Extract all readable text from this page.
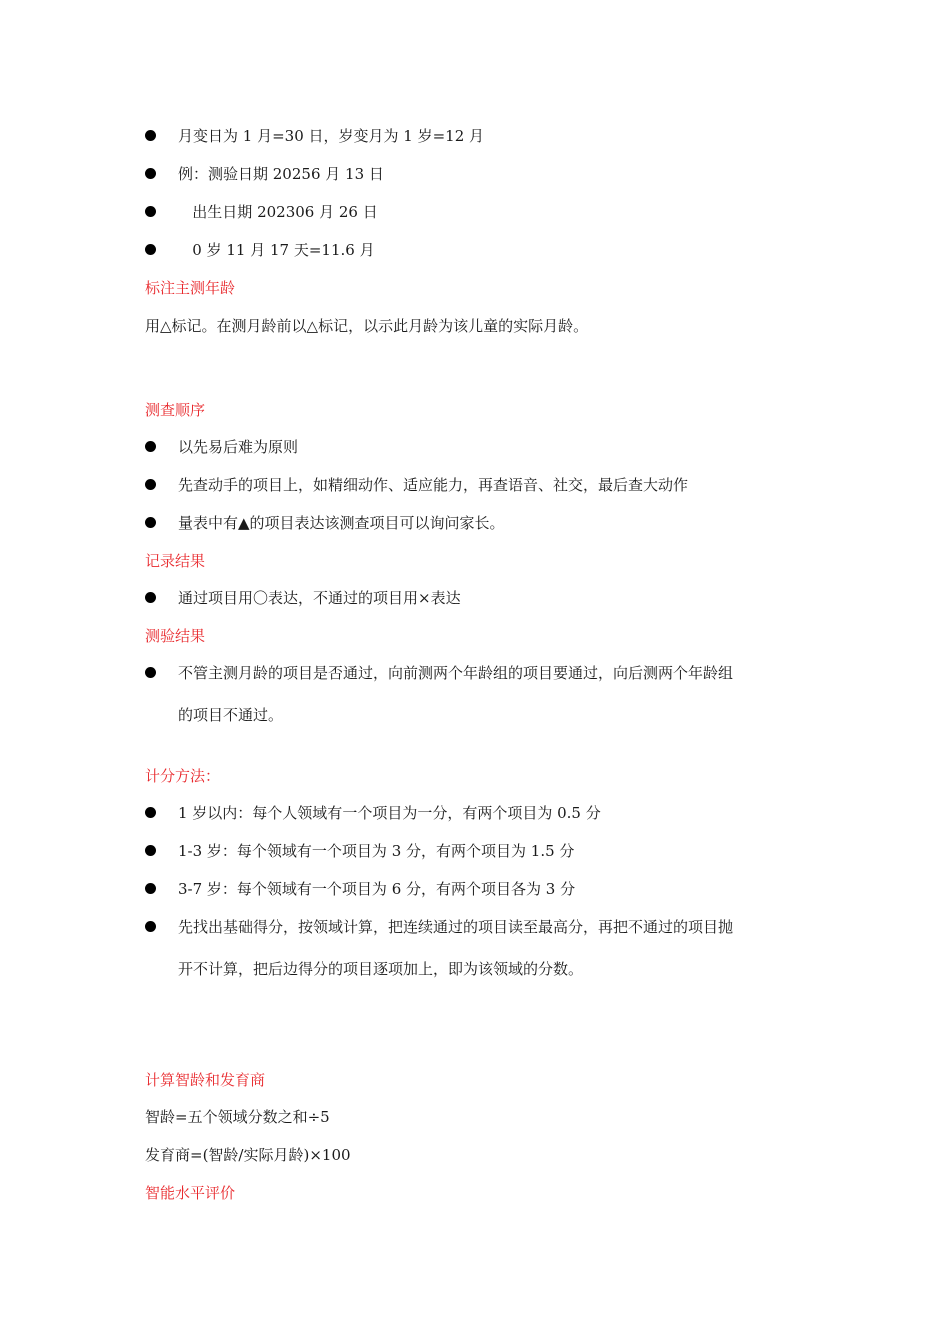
月变日为 1 月=30 日，岁变月为 1 岁=12 月
例：测验日期 20256 月 13 日
出生日期 202306 月 26 日
0 岁 11 月 17 天=11.6 月
标注主测年龄
用△标记。在测月龄前以△标记，以示此月龄为该儿童的实际月龄。
测查顺序
以先易后难为原则
先查动手的项目上，如精细动作、适应能力，再查语音、社交，最后查大动作
量表中有▲的项目表达该测查项目可以询问家长。
记录结果
通过项目用〇表达，不通过的项目用×表达
测验结果
不管主测月龄的项目是否通过，向前测两个年龄组的项目要通过，向后测两个年龄组
的项目不通过。
计分方法：
1 岁以内：每个人领域有一个项目为一分，有两个项目为 0.5 分
1-3 岁：每个领域有一个项目为 3 分，有两个项目为 1.5 分
3-7 岁：每个领域有一个项目为 6 分，有两个项目各为 3 分
先找出基础得分，按领域计算，把连续通过的项目读至最高分，再把不通过的项目抛
开不计算，把后边得分的项目逐项加上，即为该领域的分数。
计算智龄和发育商
智龄=五个领域分数之和÷5
发育商=(智龄/实际月龄)×100
智能水平评价
